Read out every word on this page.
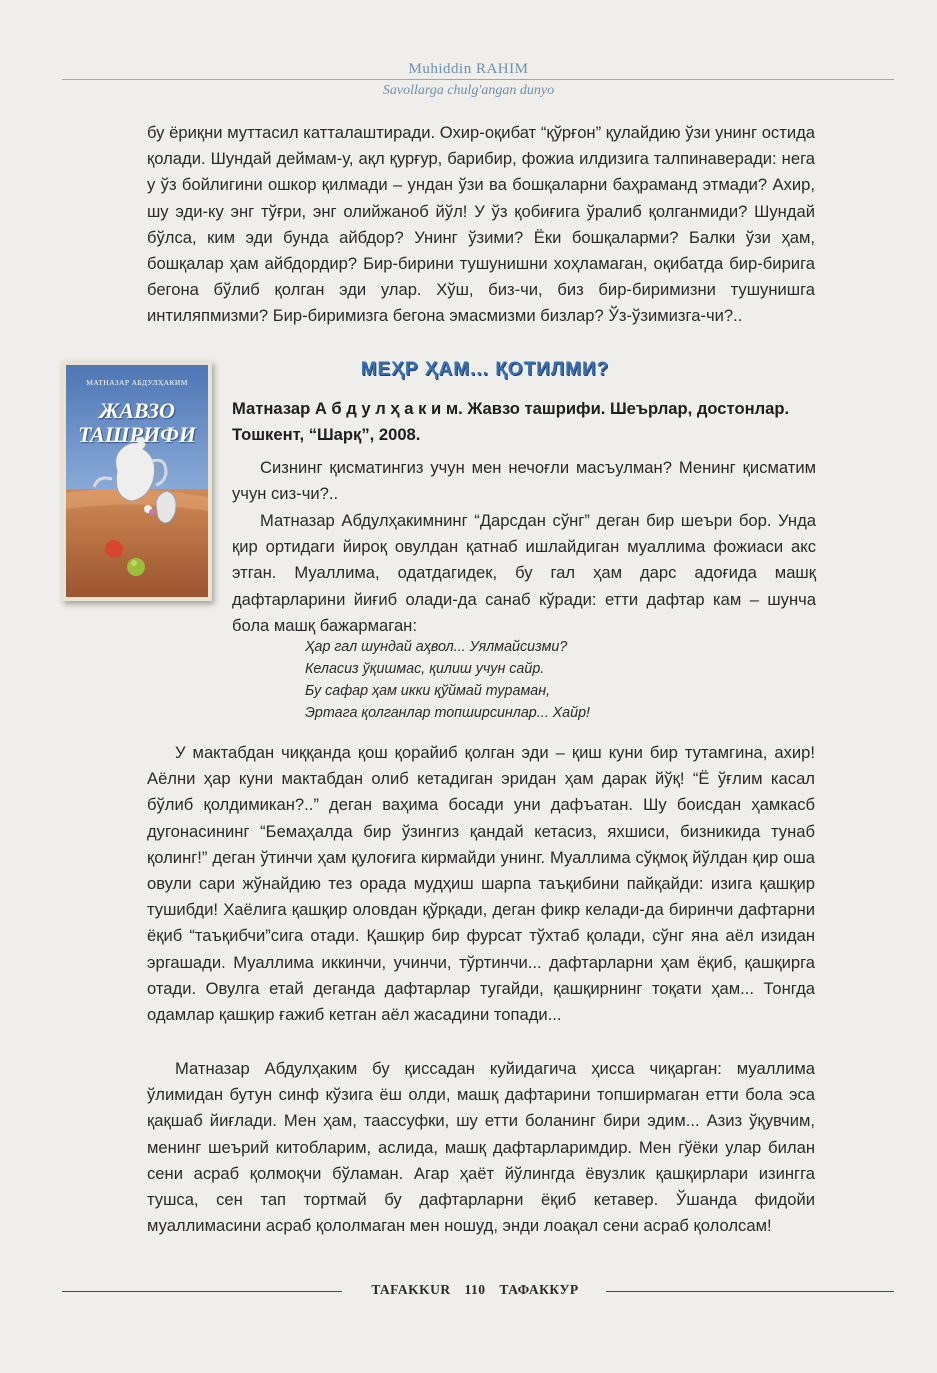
Muhiddin RAHIM
Savollarga chulg'angan dunyo

бу ёриқни муттасил катталаштиради. Охир-оқибат “қўрғон” қулайдию ўзи унинг остида қолади. Шундай деймам-у, ақл қурғур, барибир, фожиа илдизига талпинаверади: нега у ўз бойлигини ошкор қилмади – ундан ўзи ва бошқаларни баҳраманд этмади? Ахир, шу эди-ку энг тўғри, энг олийжаноб йўл! У ўз қобиғига ўралиб қолганмиди? Шундай бўлса, ким эди бунда айбдор? Унинг ўзими? Ёки бошқаларми? Балки ўзи ҳам, бошқалар ҳам айбдордир? Бир-бирини тушунишни хоҳламаган, оқибатда бир-бирига бегона бўлиб қолган эди улар. Хўш, биз-чи, биз бир-биримизни тушунишга интиляпмизми? Бир-биримизга бегона эмасмизми бизлар? Ўз-ўзимизга-чи?..

МАТНАЗАР АБДУЛҲАКИМ
ЖАВЗО
ТАШРИФИ
МЕҲР ҲАМ... ҚОТИЛМИ?
Матназар А б д у л ҳ а к и м. Жавзо ташрифи. Шеърлар, достонлар. Тошкент, “Шарқ”, 2008.

Сизнинг қисматингиз учун мен нечоғли масъулман? Менинг қисматим учун сиз-чи?..

Матназар Абдулҳакимнинг “Дарсдан сўнг” деган бир шеъри бор. Унда қир ортидаги йироқ овулдан қатнаб ишлайдиган муаллима фожиаси акс этган. Муаллима, одатдагидек, бу гал ҳам дарс адоғида машқ дафтарларини йиғиб олади-да санаб кўради: етти дафтар кам – шунча бола машқ бажармаган:

Ҳар гал шундай аҳвол... Уялмайсизми?
Келасиз ўқишмас, қилиш учун сайр.
Бу сафар ҳам икки қўймай тураман,
Эртага қолганлар топширсинлар... Хайр!

У мактабдан чиққанда қош қорайиб қолган эди – қиш куни бир тутамгина, ахир! Аёлни ҳар куни мактабдан олиб кетадиган эридан ҳам дарак йўқ! “Ё ўғлим касал бўлиб қолдимикан?..” деган ваҳима босади уни дафъатан. Шу боисдан ҳамкасб дугонасининг “Бемаҳалда бир ўзингиз қандай кетасиз, яхшиси, бизникида тунаб қолинг!” деган ўтинчи ҳам қулоғига кирмайди унинг. Муаллима сўқмоқ йўлдан қир оша овули сари жўнайдию тез орада мудҳиш шарпа таъқибини пайқайди: изига қашқир тушибди! Хаёлига қашқир оловдан қўрқади, деган фикр келади-да биринчи дафтарни ёқиб “таъқибчи”сига отади. Қашқир бир фурсат тўхтаб қолади, сўнг яна аёл изидан эргашади. Муаллима иккинчи, учинчи, тўртинчи... дафтарларни ҳам ёқиб, қашқирга отади. Овулга етай деганда дафтарлар тугайди, қашқирнинг тоқати ҳам... Тонгда одамлар қашқир ғажиб кетган аёл жасадини топади...

Матназар Абдулҳаким бу қиссадан куйидагича ҳисса чиқарган: муаллима ўлимидан бутун синф кўзига ёш олди, машқ дафтарини топширмаган етти бола эса қақшаб йиғлади. Мен ҳам, таассуфки, шу етти боланинг бири эдим... Азиз ўқувчим, менинг шеърий китобларим, аслида, машқ дафтарларимдир. Мен гўёки улар билан сени асраб қолмоқчи бўламан. Агар ҳаёт йўлингда ёвузлик қашқирлари изингга тушса, сен тап тортмай бу дафтарларни ёқиб кетавер. Ўшанда фидойи муаллимасини асраб қололмаган мен ношуд, энди лоақал сени асраб қололсам!

TAFAKKUR 110 ТАФАККУР
